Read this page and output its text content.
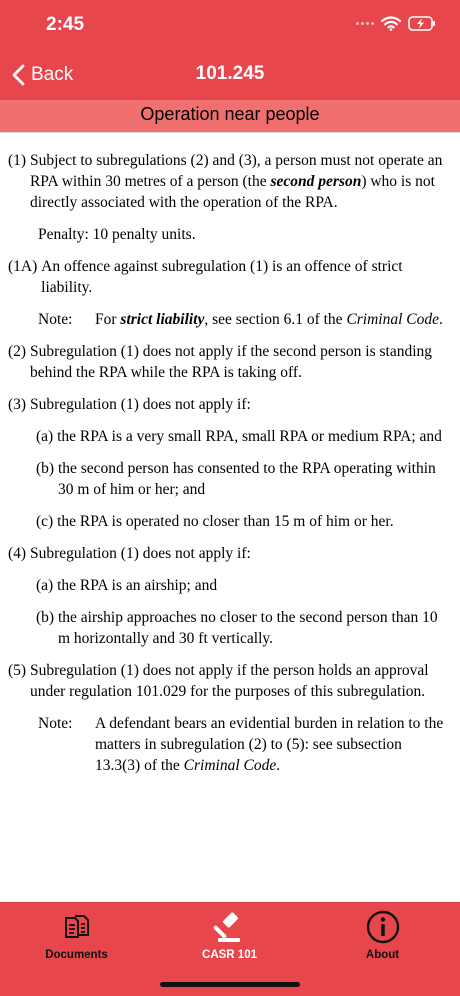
2:45
Back	101.245
Operation near people
(1) Subject to subregulations (2) and (3), a person must not operate an RPA within 30 metres of a person (the second person) who is not directly associated with the operation of the RPA.
Penalty: 10 penalty units.
(1A) An offence against subregulation (1) is an offence of strict liability.
Note:	For strict liability, see section 6.1 of the Criminal Code.
(2) Subregulation (1) does not apply if the second person is standing behind the RPA while the RPA is taking off.
(3) Subregulation (1) does not apply if:
(a) the RPA is a very small RPA, small RPA or medium RPA; and
(b) the second person has consented to the RPA operating within 30 m of him or her; and
(c) the RPA is operated no closer than 15 m of him or her.
(4) Subregulation (1) does not apply if:
(a) the RPA is an airship; and
(b) the airship approaches no closer to the second person than 10 m horizontally and 30 ft vertically.
(5) Subregulation (1) does not apply if the person holds an approval under regulation 101.029 for the purposes of this subregulation.
Note:	A defendant bears an evidential burden in relation to the matters in subregulation (2) to (5): see subsection 13.3(3) of the Criminal Code.
Documents	CASR 101	About
